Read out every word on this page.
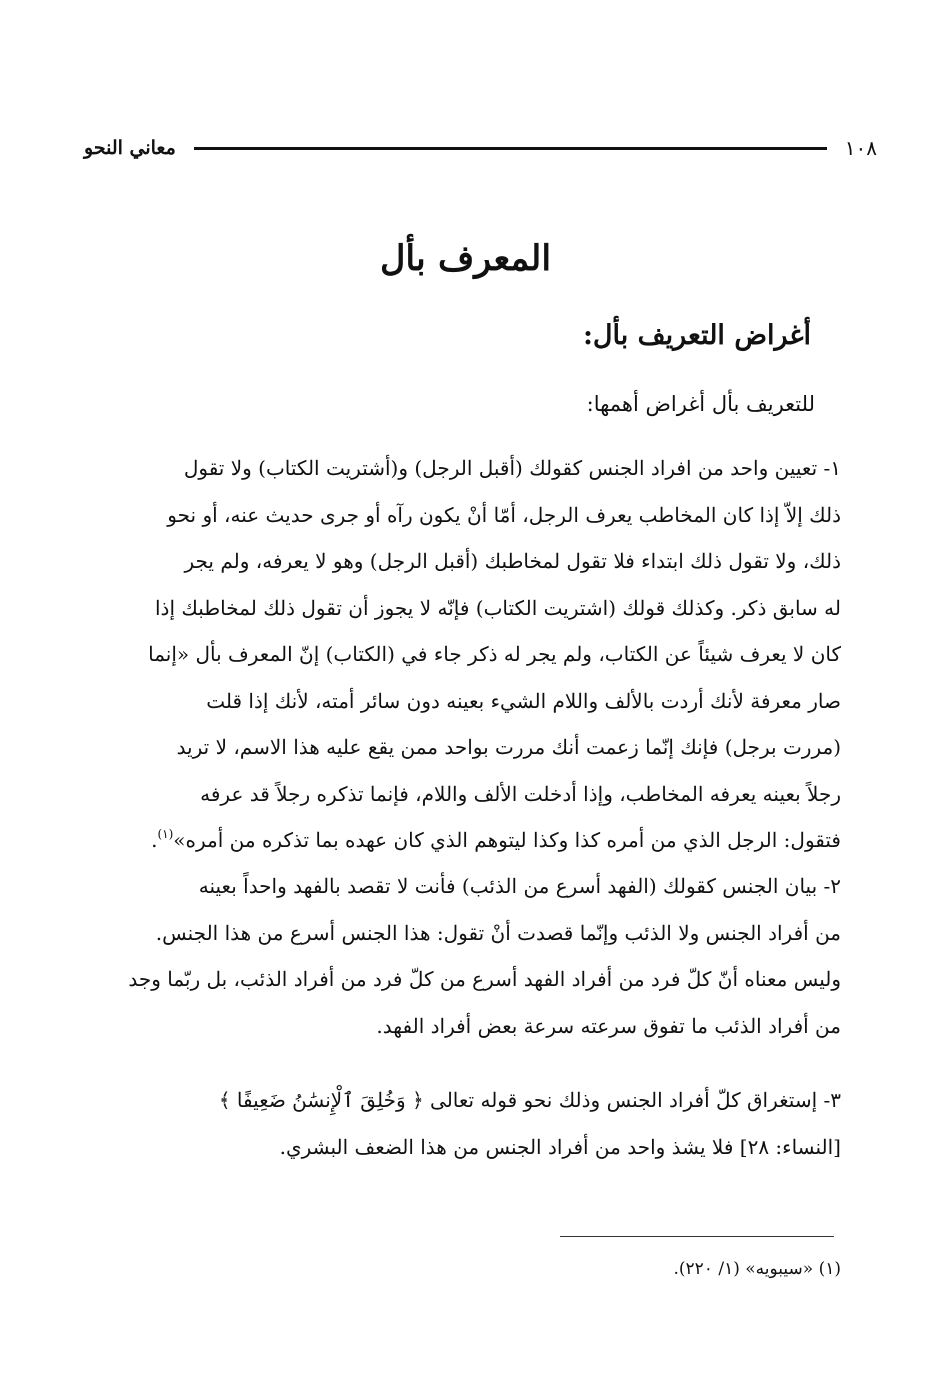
معاني النحو	١٠٨
المعرف بأل
أغراض التعريف بأل:
للتعريف بأل أغراض أهمها:
١- تعيين واحد من افراد الجنس كقولك (أقبل الرجل) و(أشتريت الكتاب) ولا تقول
ذلك إلاّ إذا كان المخاطب يعرف الرجل، أمّا أنْ يكون رآه أو جرى حديث عنه، أو نحو
ذلك، ولا تقول ذلك ابتداء فلا تقول لمخاطبك (أقبل الرجل) وهو لا يعرفه، ولم يجر
له سابق ذكر. وكذلك قولك (اشتريت الكتاب) فإنّه لا يجوز أن تقول ذلك لمخاطبك إذا
كان لا يعرف شيئاً عن الكتاب، ولم يجر له ذكر جاء في (الكتاب) إنّ المعرف بأل «إنما
صار معرفة لأنك أردت بالألف واللام الشيء بعينه دون سائر أمته، لأنك إذا قلت
(مررت برجل) فإنك إنّما زعمت أنك مررت بواحد ممن يقع عليه هذا الاسم، لا تريد
رجلاً بعينه يعرفه المخاطب، وإذا أدخلت الألف واللام، فإنما تذكره رجلاً قد عرفه
فتقول: الرجل الذي من أمره كذا وكذا ليتوهم الذي كان عهده بما تذكره من أمره»$^{(١)}$.
٢- بيان الجنس كقولك (الفهد أسرع من الذئب) فأنت لا تقصد بالفهد واحداً بعينه
من أفراد الجنس ولا الذئب وإنّما قصدت أنْ تقول: هذا الجنس أسرع من هذا الجنس.
وليس معناه أنّ كلّ فرد من أفراد الفهد أسرع من كلّ فرد من أفراد الذئب، بل ربّما وجد
من أفراد الذئب ما تفوق سرعته سرعة بعض أفراد الفهد.
٣- إستغراق كلّ أفراد الجنس وذلك نحو قوله تعالى ﴿ وَخُلِقَ ٱلْإِنسَٰنُ ضَعِيفًا ﴾
[النساء: ٢٨] فلا يشذ واحد من أفراد الجنس من هذا الضعف البشري.
(١) «سيبويه» (١/ ٢٢٠).
